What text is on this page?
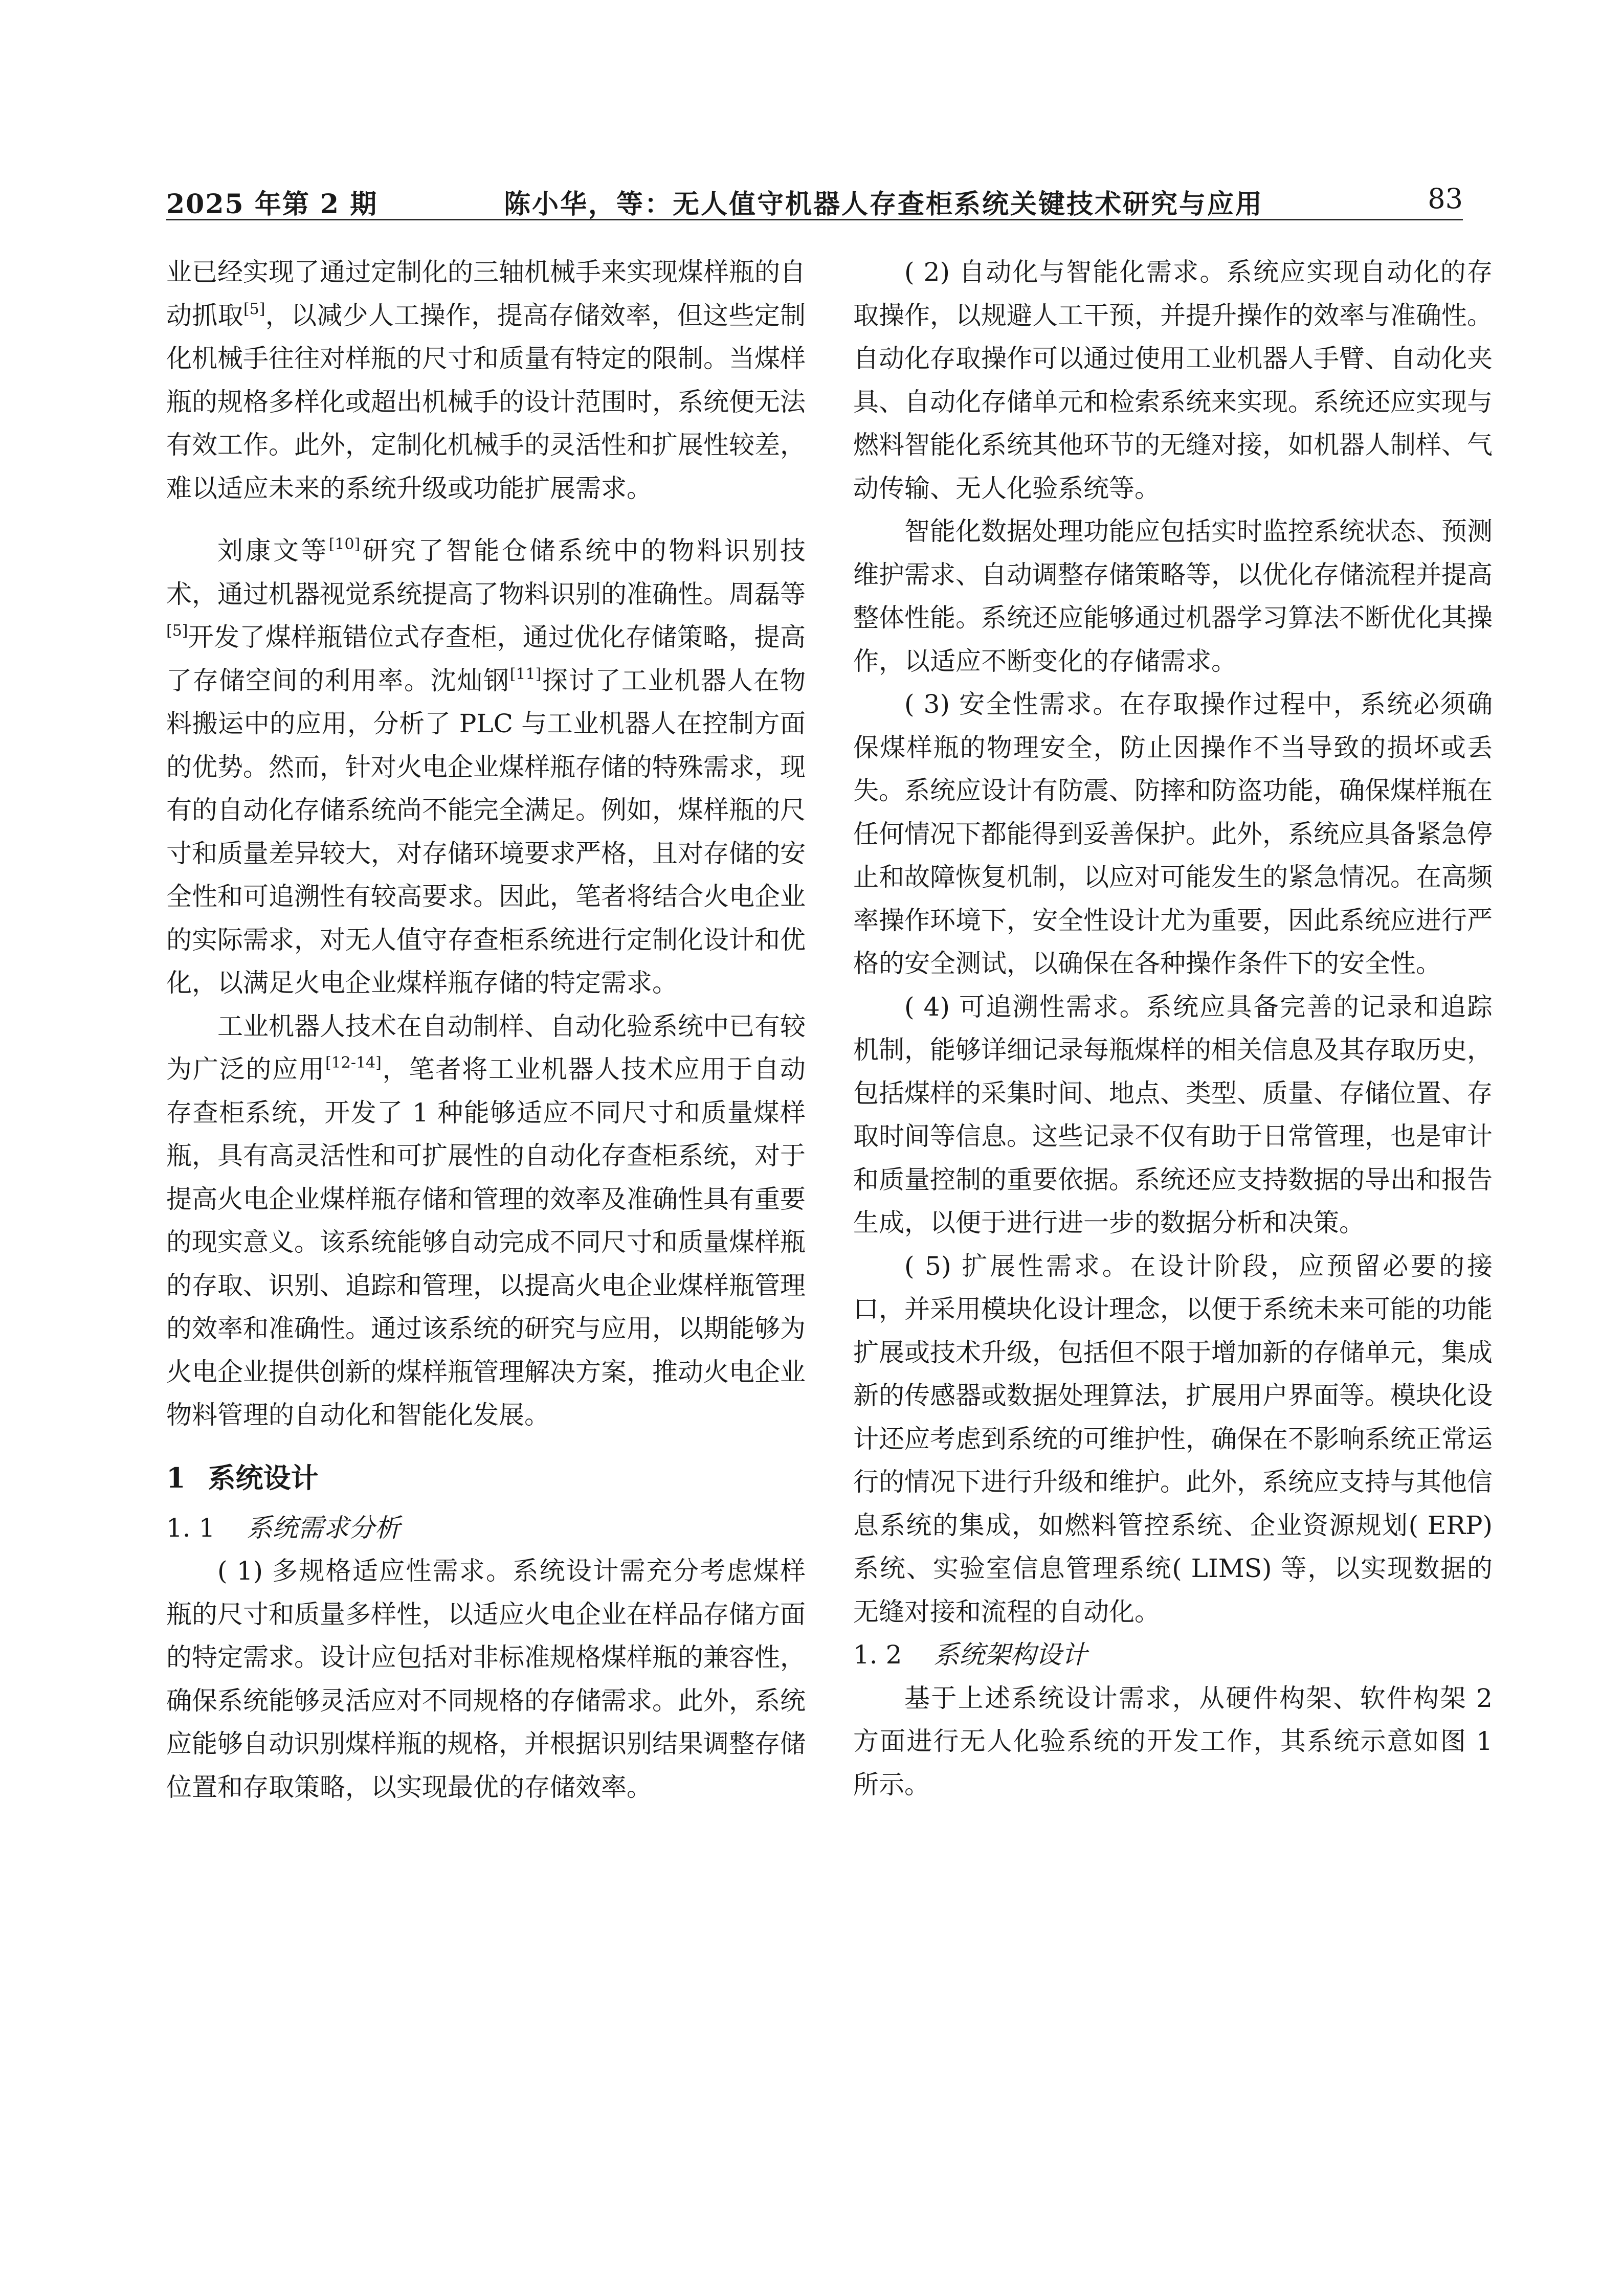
2025 年第 2 期	陈小华，等：无人值守机器人存查柜系统关键技术研究与应用	83

业已经实现了通过定制化的三轴机械手来实现煤样瓶的自动抓取[5]，以减少人工操作，提高存储效率，但这些定制化机械手往往对样瓶的尺寸和质量有特定的限制。当煤样瓶的规格多样化或超出机械手的设计范围时，系统便无法有效工作。此外，定制化机械手的灵活性和扩展性较差，难以适应未来的系统升级或功能扩展需求。

刘康文等[10]研究了智能仓储系统中的物料识别技术，通过机器视觉系统提高了物料识别的准确性。周磊等[5]开发了煤样瓶错位式存查柜，通过优化存储策略，提高了存储空间的利用率。沈灿钢[11]探讨了工业机器人在物料搬运中的应用，分析了 PLC 与工业机器人在控制方面的优势。然而，针对火电企业煤样瓶存储的特殊需求，现有的自动化存储系统尚不能完全满足。例如，煤样瓶的尺寸和质量差异较大，对存储环境要求严格，且对存储的安全性和可追溯性有较高要求。因此，笔者将结合火电企业的实际需求，对无人值守存查柜系统进行定制化设计和优化，以满足火电企业煤样瓶存储的特定需求。

工业机器人技术在自动制样、自动化验系统中已有较为广泛的应用[12-14]，笔者将工业机器人技术应用于自动存查柜系统，开发了 1 种能够适应不同尺寸和质量煤样瓶，具有高灵活性和可扩展性的自动化存查柜系统，对于提高火电企业煤样瓶存储和管理的效率及准确性具有重要的现实意义。该系统能够自动完成不同尺寸和质量煤样瓶的存取、识别、追踪和管理，以提高火电企业煤样瓶管理的效率和准确性。通过该系统的研究与应用，以期能够为火电企业提供创新的煤样瓶管理解决方案，推动火电企业物料管理的自动化和智能化发展。

1 系统设计
1. 1 系统需求分析

( 1) 多规格适应性需求。系统设计需充分考虑煤样瓶的尺寸和质量多样性，以适应火电企业在样品存储方面的特定需求。设计应包括对非标准规格煤样瓶的兼容性，确保系统能够灵活应对不同规格的存储需求。此外，系统应能够自动识别煤样瓶的规格，并根据识别结果调整存储位置和存取策略，以实现最优的存储效率。

( 2) 自动化与智能化需求。系统应实现自动化的存取操作，以规避人工干预，并提升操作的效率与准确性。自动化存取操作可以通过使用工业机器人手臂、自动化夹具、自动化存储单元和检索系统来实现。系统还应实现与燃料智能化系统其他环节的无缝对接，如机器人制样、气动传输、无人化验系统等。

智能化数据处理功能应包括实时监控系统状态、预测维护需求、自动调整存储策略等，以优化存储流程并提高整体性能。系统还应能够通过机器学习算法不断优化其操作，以适应不断变化的存储需求。

( 3) 安全性需求。在存取操作过程中，系统必须确保煤样瓶的物理安全，防止因操作不当导致的损坏或丢失。系统应设计有防震、防摔和防盗功能，确保煤样瓶在任何情况下都能得到妥善保护。此外，系统应具备紧急停止和故障恢复机制，以应对可能发生的紧急情况。在高频率操作环境下，安全性设计尤为重要，因此系统应进行严格的安全测试，以确保在各种操作条件下的安全性。

( 4) 可追溯性需求。系统应具备完善的记录和追踪机制，能够详细记录每瓶煤样的相关信息及其存取历史，包括煤样的采集时间、地点、类型、质量、存储位置、存取时间等信息。这些记录不仅有助于日常管理，也是审计和质量控制的重要依据。系统还应支持数据的导出和报告生成，以便于进行进一步的数据分析和决策。

( 5) 扩展性需求。在设计阶段，应预留必要的接口，并采用模块化设计理念，以便于系统未来可能的功能扩展或技术升级，包括但不限于增加新的存储单元，集成新的传感器或数据处理算法，扩展用户界面等。模块化设计还应考虑到系统的可维护性，确保在不影响系统正常运行的情况下进行升级和维护。此外，系统应支持与其他信息系统的集成，如燃料管控系统、企业资源规划( ERP) 系统、实验室信息管理系统( LIMS) 等，以实现数据的无缝对接和流程的自动化。

1. 2 系统架构设计

基于上述系统设计需求，从硬件构架、软件构架 2 方面进行无人化验系统的开发工作，其系统示意如图 1 所示。
